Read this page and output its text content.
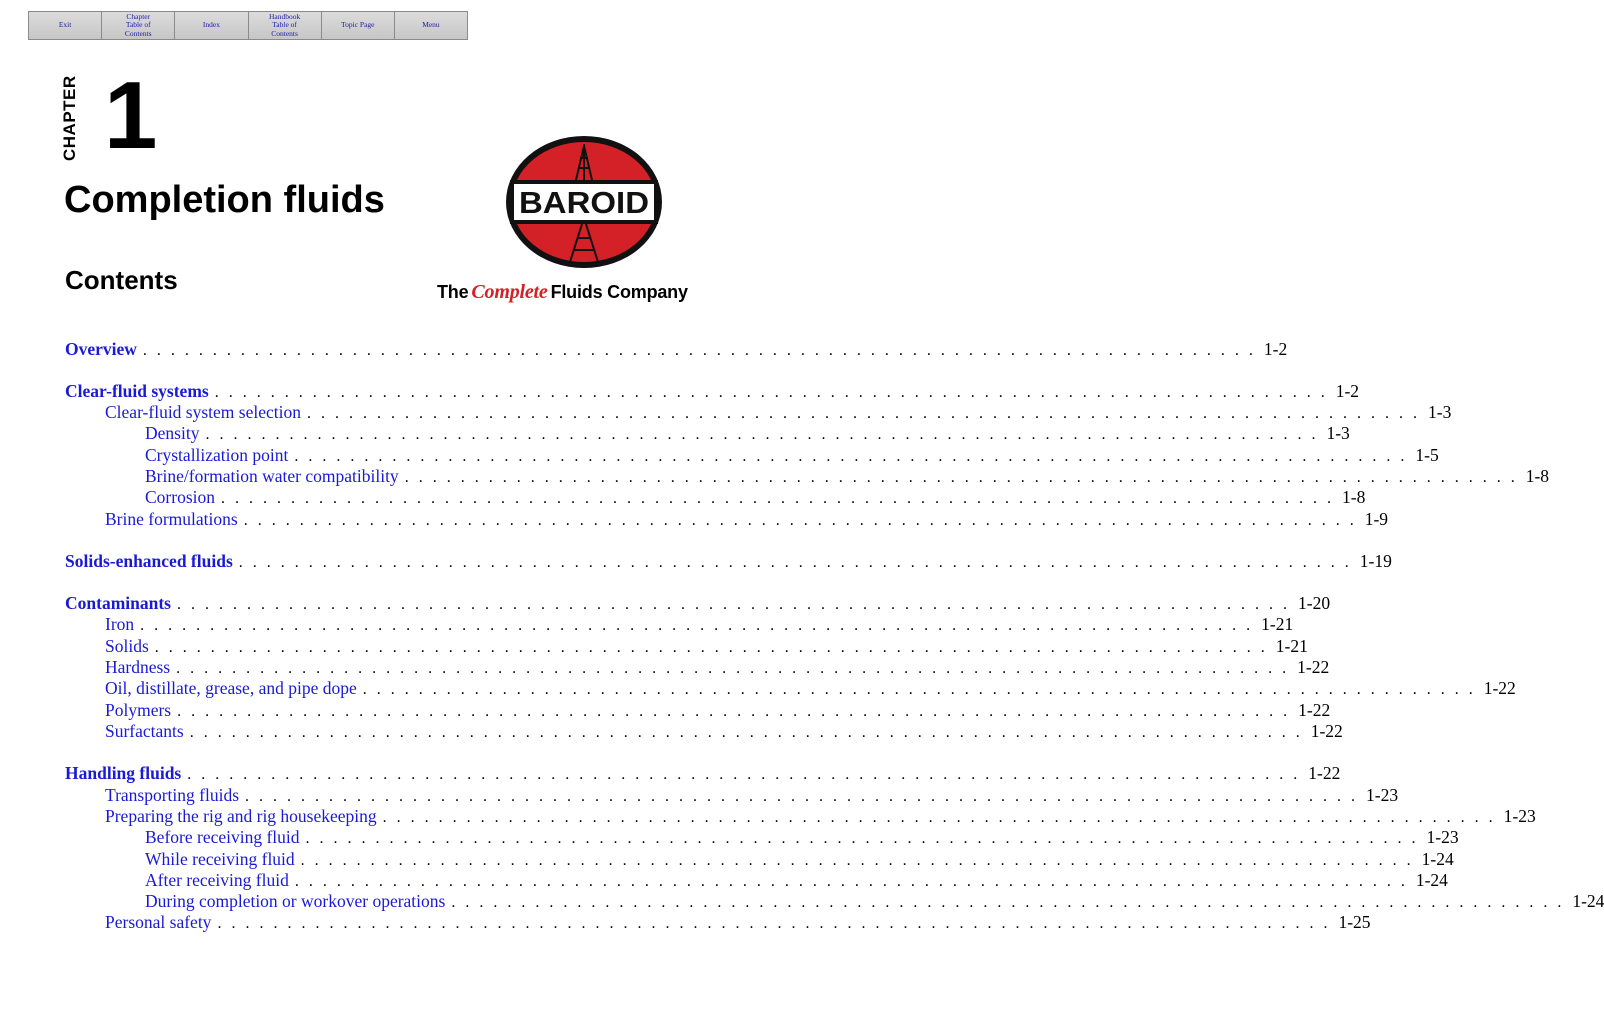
Exit
Chapter
Table of
Contents
Index
Handbook
Table of
Contents
Topic Page	Menu
CHAPTER 1
Completion fluids
Contents
BAROID
The Complete Fluids Company
Overview . . . . . . . . . . . . . . . . . . . . . . . . . . . . . . . . . . . . . . . . . . . . . . . . . . . . . . . . . . . . . . . . . . . . . . . . . . . . . . . . 1-2
Clear-fluid systems . . . . . . . . . . . . . . . . . . . . . . . . . . . . . . . . . . . . . . . . . . . . . . . . . . . . . . . . . . . . . . . . . . . . . . . . . . . . . . . . 1-2
Clear-fluid system selection . . . . . . . . . . . . . . . . . . . . . . . . . . . . . . . . . . . . . . . . . . . . . . . . . . . . . . . . . . . . . . . . . . . . . . . . . . . . . . . . 1-3
Density . . . . . . . . . . . . . . . . . . . . . . . . . . . . . . . . . . . . . . . . . . . . . . . . . . . . . . . . . . . . . . . . . . . . . . . . . . . . . . . . 1-3
Crystallization point . . . . . . . . . . . . . . . . . . . . . . . . . . . . . . . . . . . . . . . . . . . . . . . . . . . . . . . . . . . . . . . . . . . . . . . . . . . . . . . . 1-5
Brine/formation water compatibility . . . . . . . . . . . . . . . . . . . . . . . . . . . . . . . . . . . . . . . . . . . . . . . . . . . . . . . . . . . . . . . . . . . . . . . . . . . . . . . . 1-8
Corrosion . . . . . . . . . . . . . . . . . . . . . . . . . . . . . . . . . . . . . . . . . . . . . . . . . . . . . . . . . . . . . . . . . . . . . . . . . . . . . . . . 1-8
Brine formulations . . . . . . . . . . . . . . . . . . . . . . . . . . . . . . . . . . . . . . . . . . . . . . . . . . . . . . . . . . . . . . . . . . . . . . . . . . . . . . . . 1-9
Solids-enhanced fluids . . . . . . . . . . . . . . . . . . . . . . . . . . . . . . . . . . . . . . . . . . . . . . . . . . . . . . . . . . . . . . . . . . . . . . . . . . . . . . . . 1-19
Contaminants . . . . . . . . . . . . . . . . . . . . . . . . . . . . . . . . . . . . . . . . . . . . . . . . . . . . . . . . . . . . . . . . . . . . . . . . . . . . . . . . 1-20
Iron . . . . . . . . . . . . . . . . . . . . . . . . . . . . . . . . . . . . . . . . . . . . . . . . . . . . . . . . . . . . . . . . . . . . . . . . . . . . . . . . 1-21
Solids . . . . . . . . . . . . . . . . . . . . . . . . . . . . . . . . . . . . . . . . . . . . . . . . . . . . . . . . . . . . . . . . . . . . . . . . . . . . . . . . 1-21
Hardness . . . . . . . . . . . . . . . . . . . . . . . . . . . . . . . . . . . . . . . . . . . . . . . . . . . . . . . . . . . . . . . . . . . . . . . . . . . . . . . . 1-22
Oil, distillate, grease, and pipe dope . . . . . . . . . . . . . . . . . . . . . . . . . . . . . . . . . . . . . . . . . . . . . . . . . . . . . . . . . . . . . . . . . . . . . . . . . . . . . . . . 1-22
Polymers . . . . . . . . . . . . . . . . . . . . . . . . . . . . . . . . . . . . . . . . . . . . . . . . . . . . . . . . . . . . . . . . . . . . . . . . . . . . . . . . 1-22
Surfactants . . . . . . . . . . . . . . . . . . . . . . . . . . . . . . . . . . . . . . . . . . . . . . . . . . . . . . . . . . . . . . . . . . . . . . . . . . . . . . . . 1-22
Handling fluids . . . . . . . . . . . . . . . . . . . . . . . . . . . . . . . . . . . . . . . . . . . . . . . . . . . . . . . . . . . . . . . . . . . . . . . . . . . . . . . . 1-22
Transporting fluids . . . . . . . . . . . . . . . . . . . . . . . . . . . . . . . . . . . . . . . . . . . . . . . . . . . . . . . . . . . . . . . . . . . . . . . . . . . . . . . . 1-23
Preparing the rig and rig housekeeping . . . . . . . . . . . . . . . . . . . . . . . . . . . . . . . . . . . . . . . . . . . . . . . . . . . . . . . . . . . . . . . . . . . . . . . . . . . . . . . . 1-23
Before receiving fluid . . . . . . . . . . . . . . . . . . . . . . . . . . . . . . . . . . . . . . . . . . . . . . . . . . . . . . . . . . . . . . . . . . . . . . . . . . . . . . . . 1-23
While receiving fluid . . . . . . . . . . . . . . . . . . . . . . . . . . . . . . . . . . . . . . . . . . . . . . . . . . . . . . . . . . . . . . . . . . . . . . . . . . . . . . . . 1-24
After receiving fluid . . . . . . . . . . . . . . . . . . . . . . . . . . . . . . . . . . . . . . . . . . . . . . . . . . . . . . . . . . . . . . . . . . . . . . . . . . . . . . . . 1-24
During completion or workover operations . . . . . . . . . . . . . . . . . . . . . . . . . . . . . . . . . . . . . . . . . . . . . . . . . . . . . . . . . . . . . . . . . . . . . . . . . . . . . . . . 1-24
Personal safety . . . . . . . . . . . . . . . . . . . . . . . . . . . . . . . . . . . . . . . . . . . . . . . . . . . . . . . . . . . . . . . . . . . . . . . . . . . . . . . . 1-25
